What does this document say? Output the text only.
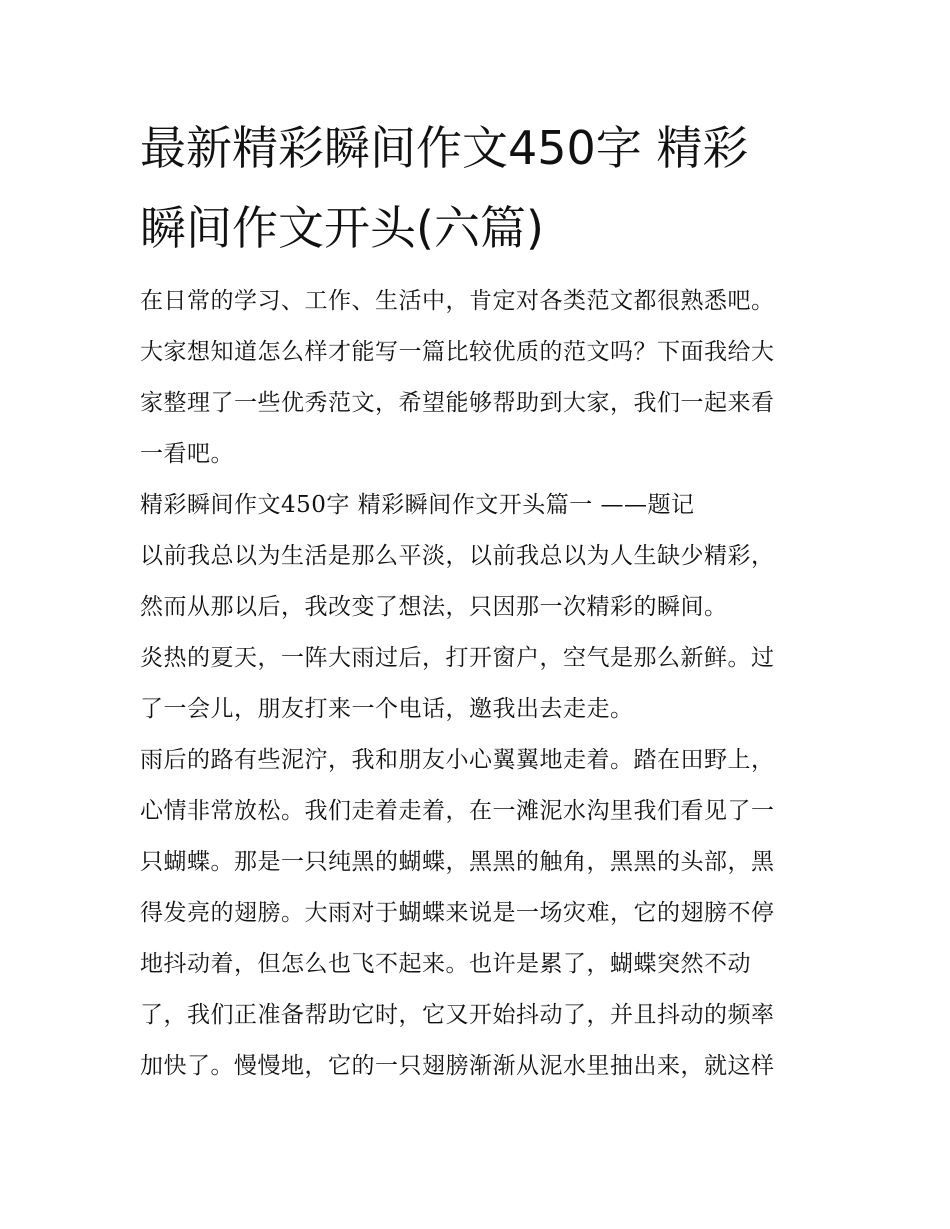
最新精彩瞬间作文450字 精彩
瞬间作文开头(六篇)
在日常的学习、工作、生活中，肯定对各类范文都很熟悉吧。
大家想知道怎么样才能写一篇比较优质的范文吗？下面我给大
家整理了一些优秀范文，希望能够帮助到大家，我们一起来看
一看吧。
精彩瞬间作文450字 精彩瞬间作文开头篇一 ——题记
以前我总以为生活是那么平淡，以前我总以为人生缺少精彩，
然而从那以后，我改变了想法，只因那一次精彩的瞬间。
炎热的夏天，一阵大雨过后，打开窗户，空气是那么新鲜。过
了一会儿，朋友打来一个电话，邀我出去走走。
雨后的路有些泥泞，我和朋友小心翼翼地走着。踏在田野上，
心情非常放松。我们走着走着，在一滩泥水沟里我们看见了一
只蝴蝶。那是一只纯黑的蝴蝶，黑黑的触角，黑黑的头部，黑
得发亮的翅膀。大雨对于蝴蝶来说是一场灾难，它的翅膀不停
地抖动着，但怎么也飞不起来。也许是累了，蝴蝶突然不动
了，我们正准备帮助它时，它又开始抖动了，并且抖动的频率
加快了。慢慢地，它的一只翅膀渐渐从泥水里抽出来，就这样
